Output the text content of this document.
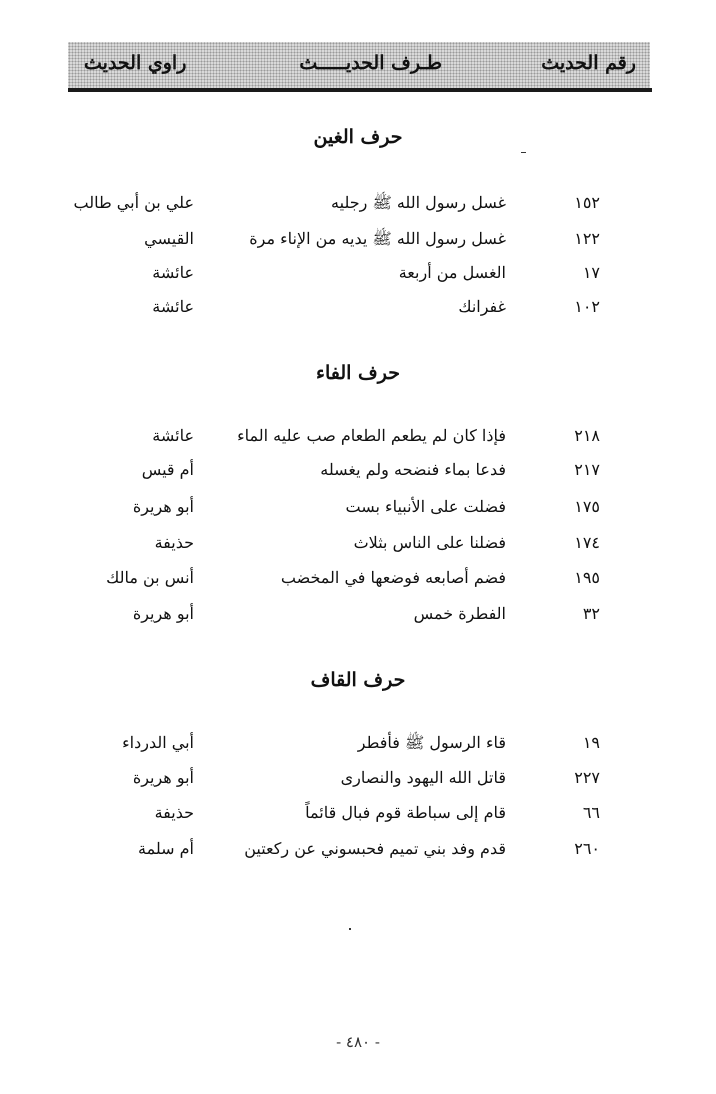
رقم الحديث
طـرف الحديـــــث
راوي الحديث
حرف الغين
١٥٢
غسل رسول الله ﷺ رجليه
علي بن أبي طالب
١٢٢
غسل رسول الله ﷺ يديه من الإناء مرة
القيسي
١٧
الغسل من أربعة
عائشة
١٠٢
غفرانك
عائشة
حرف الفاء
٢١٨
فإذا كان لم يطعم الطعام صب عليه الماء
عائشة
٢١٧
فدعا بماء فنضحه ولم يغسله
أم قيس
١٧٥
فضلت على الأنبياء بست
أبو هريرة
١٧٤
فضلنا على الناس بثلاث
حذيفة
١٩٥
فضم أصابعه فوضعها في المخضب
أنس بن مالك
٣٢
الفطرة خمس
أبو هريرة
حرف القاف
١٩
قاء الرسول ﷺ فأفطر
أبي الدرداء
٢٢٧
قاتل الله اليهود والنصارى
أبو هريرة
٦٦
قام إلى سباطة قوم فبال قائماً
حذيفة
٢٦٠
قدم وفد بني تميم فحبسوني عن ركعتين
أم سلمة
- ٤٨٠ -
